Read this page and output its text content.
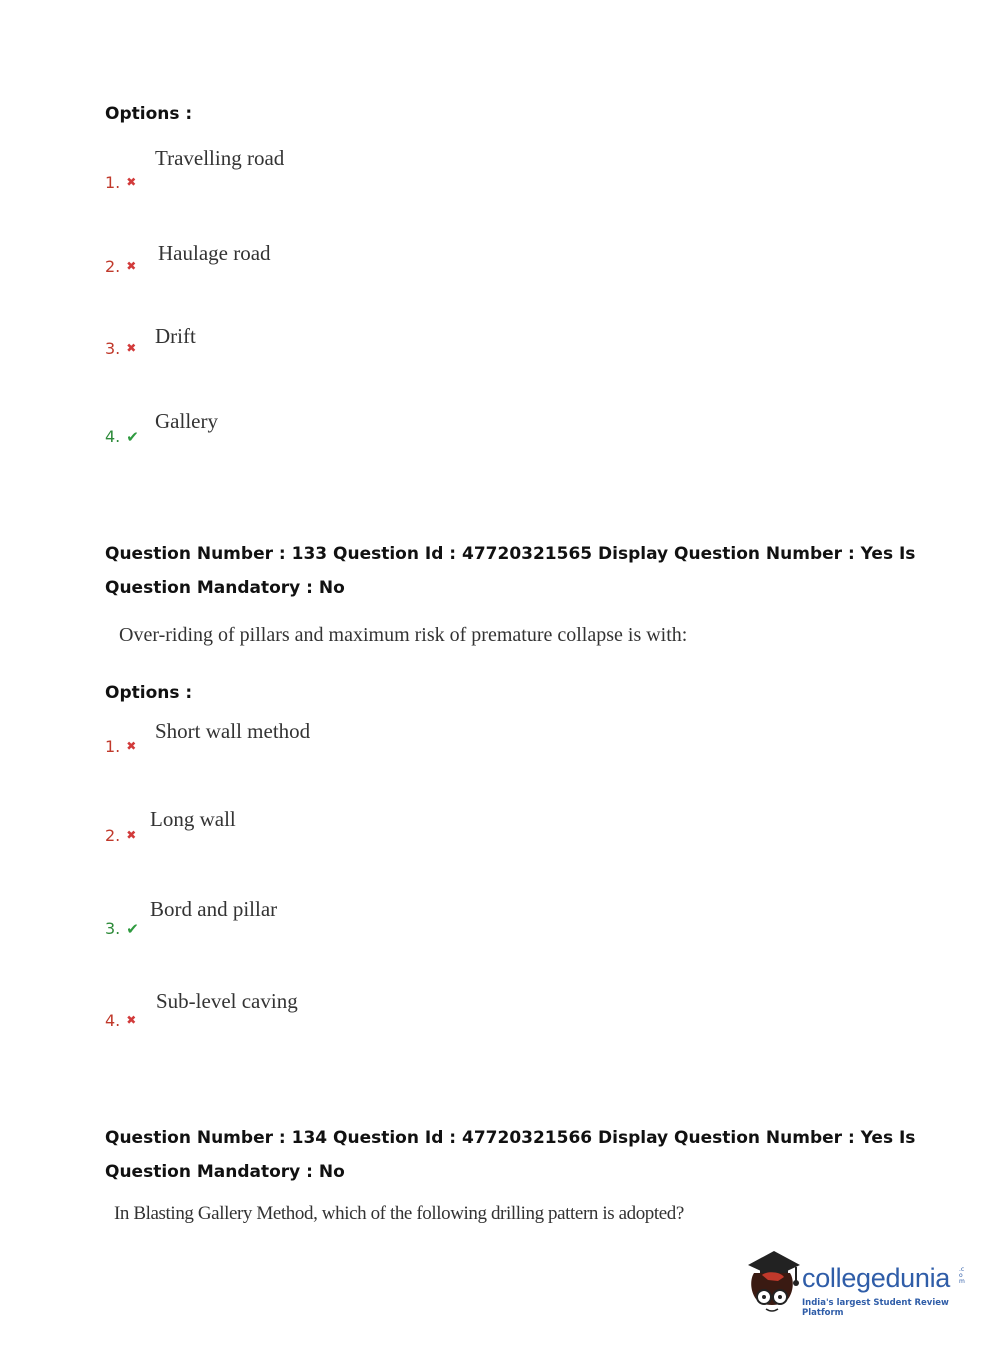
Options :
Travelling road
1. ✖
Haulage road
2. ✖
Drift
3. ✖
Gallery
4. ✔
Question Number : 133 Question Id : 47720321565 Display Question Number : Yes Is Question Mandatory : No
Over-riding of pillars and maximum risk of premature collapse is with:
Options :
Short wall method
1. ✖
Long wall
2. ✖
Bord and pillar
3. ✔
Sub-level caving
4. ✖
Question Number : 134 Question Id : 47720321566 Display Question Number : Yes Is Question Mandatory : No
In Blasting Gallery Method, which of the following drilling pattern is adopted?
collegedunia .com
India's largest Student Review Platform
